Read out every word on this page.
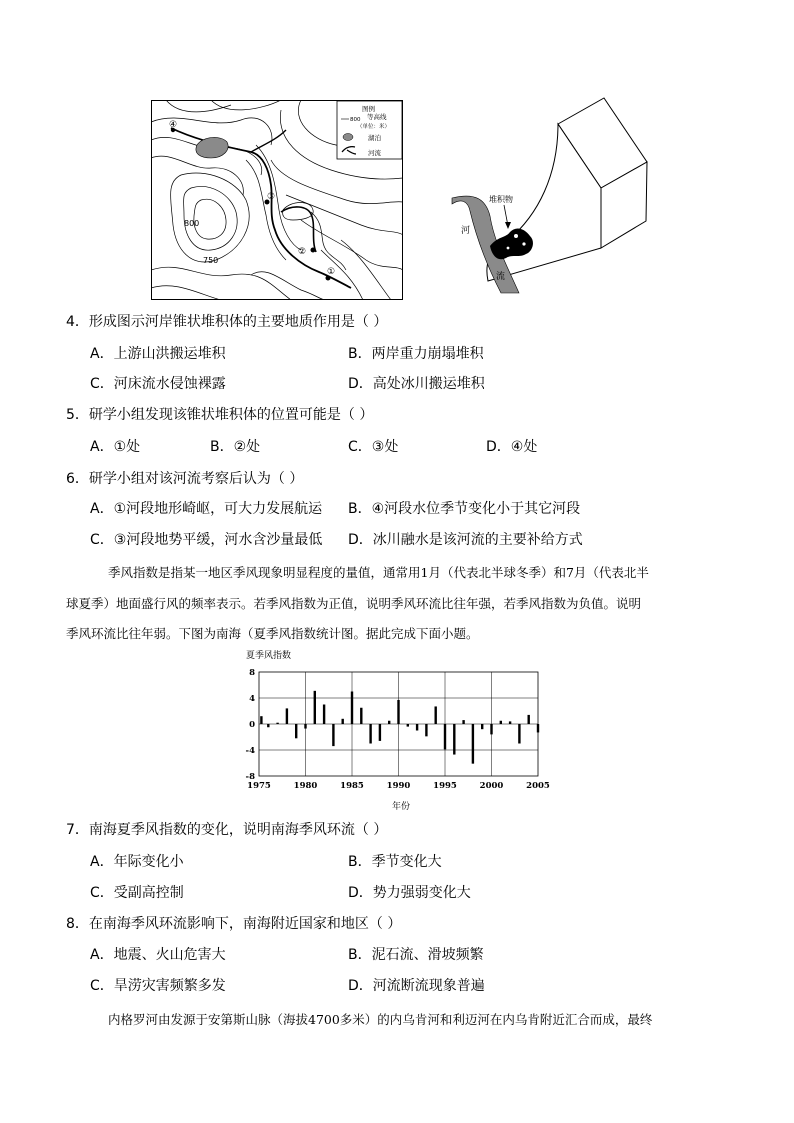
④
③
②
①
800
750
图例
800 等高线
（单位：米）
湖泊
河流
河
流
堆积物
4．形成图示河岸锥状堆积体的主要地质作用是（ ）
A．上游山洪搬运堆积	B．两岸重力崩塌堆积
C．河床流水侵蚀裸露	D．高处冰川搬运堆积
5．研学小组发现该锥状堆积体的位置可能是（ ）
A．①处	B．②处	C．③处	D．④处
6．研学小组对该河流考察后认为（ ）
A．①河段地形崎岖，可大力发展航运 B．④河段水位季节变化小于其它河段
C．③河段地势平缓，河水含沙量最低 D．冰川融水是该河流的主要补给方式
季风指数是指某一地区季风现象明显程度的量值，通常用1月（代表北半球冬季）和7月（代表北半
球夏季）地面盛行风的频率表示。若季风指数为正值，说明季风环流比往年强，若季风指数为负值。说明
季风环流比往年弱。下图为南海（夏季风指数统计图。据此完成下面小题。
夏季风指数
年份
8
4
0
-4
-8
1975	1980	1985	1990	1995	2000	2005
7．南海夏季风指数的变化，说明南海季风环流（ ）
A．年际变化小	B．季节变化大
C．受副高控制	D．势力强弱变化大
8．在南海季风环流影响下，南海附近国家和地区（ ）
A．地震、火山危害大	B．泥石流、滑坡频繁
C．旱涝灾害频繁多发	D．河流断流现象普遍
内格罗河由发源于安第斯山脉（海拔4700多米）的内乌肯河和利迈河在内乌肯附近汇合而成，最终
